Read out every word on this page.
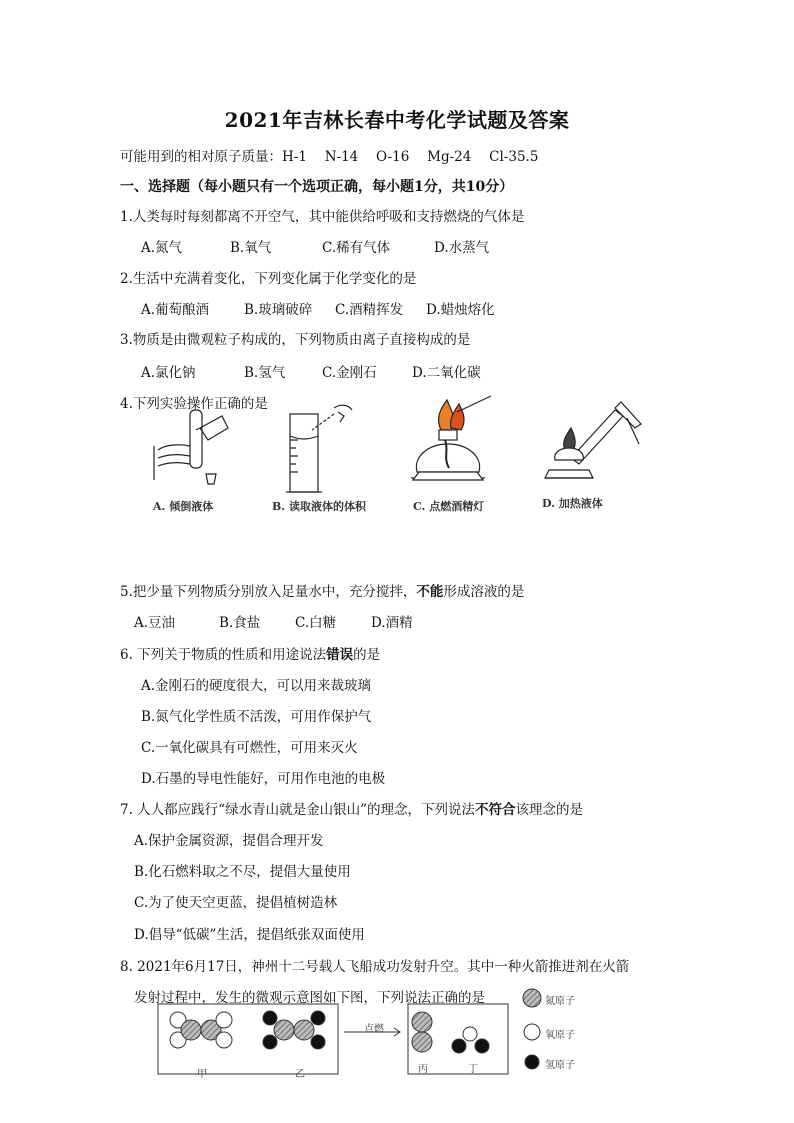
2021年吉林长春中考化学试题及答案
可能用到的相对原子质量：H-1　 N-14　 O-16　 Mg-24　 Cl-35.5
一、选择题（每小题只有一个选项正确，每小题1分，共10分）
1.人类每时每刻都离不开空气，其中能供给呼吸和支持燃烧的气体是
A.氮气	B.氧气	C.稀有气体	D.水蒸气
2.生活中充满着变化，下列变化属于化学变化的是
A.葡萄酿酒	B.玻璃破碎 C.酒精挥发 D.蜡烛熔化
3.物质是由微观粒子构成的，下列物质由离子直接构成的是
A.氯化钠	B.氢气	C.金刚石	D.二氧化碳
4.下列实验操作正确的是
A. 倾倒液体	B. 读取液体的体积	C. 点燃酒精灯	D. 加热液体
5.把少量下列物质分别放入足量水中，充分搅拌，不能形成溶液的是
A.豆油	B.食盐	C.白糖	D.酒精
6. 下列关于物质的性质和用途说法错误的是
A.金刚石的硬度很大，可以用来裁玻璃
B.氮气化学性质不活泼，可用作保护气
C.一氧化碳具有可燃性，可用来灭火
D.石墨的导电性能好，可用作电池的电极
7. 人人都应践行“绿水青山就是金山银山”的理念，下列说法不符合该理念的是
A.保护金属资源，提倡合理开发
B.化石燃料取之不尽，提倡大量使用
C.为了使天空更蓝，提倡植树造林
D.倡导“低碳”生活，提倡纸张双面使用
8. 2021年6月17日，神州十二号载人飞船成功发射升空。其中一种火箭推进剂在火箭
发射过程中，发生的微观示意图如下图，下列说法正确的是
甲	乙	丙	丁
点燃
氮原子
氧原子
氢原子
